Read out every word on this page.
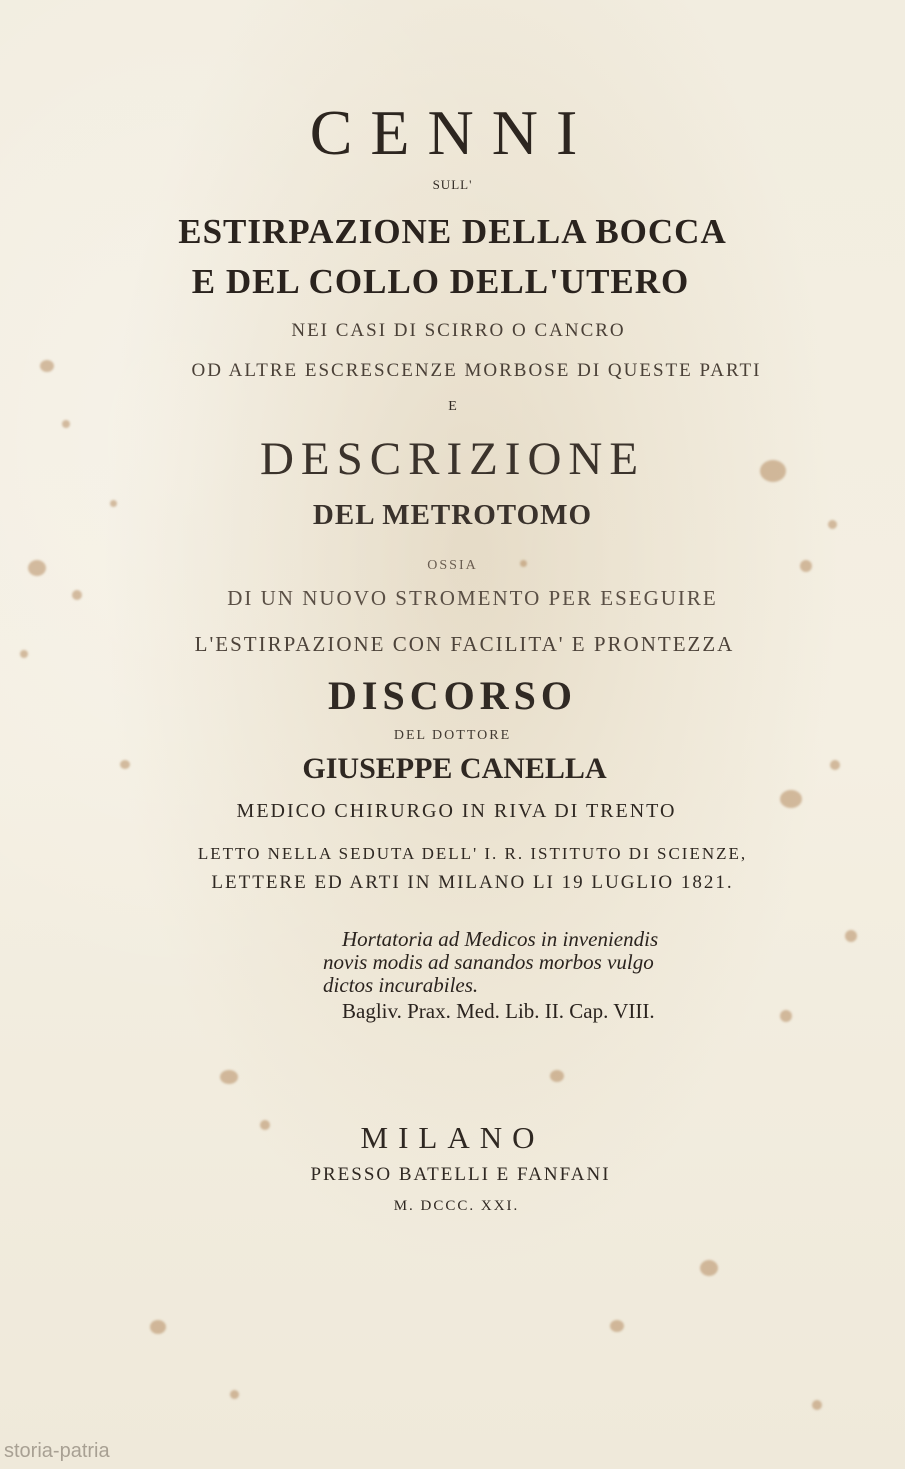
CENNI
SULL'
ESTIRPAZIONE DELLA BOCCA
E DEL COLLO DELL'UTERO
NEI CASI DI SCIRRO O CANCRO
OD ALTRE ESCRESCENZE MORBOSE DI QUESTE PARTI
E
DESCRIZIONE
DEL METROTOMO
OSSIA
DI UN NUOVO STROMENTO PER ESEGUIRE
L'ESTIRPAZIONE CON FACILITA' E PRONTEZZA
DISCORSO
DEL DOTTORE
GIUSEPPE CANELLA
MEDICO CHIRURGO IN RIVA DI TRENTO
LETTO NELLA SEDUTA DELL' I. R. ISTITUTO DI SCIENZE,
LETTERE ED ARTI IN MILANO LI 19 LUGLIO 1821.
Hortatoria ad Medicos in inveniendis
novis modis ad sanandos morbos vulgo
dictos incurabiles.
Bagliv. Prax. Med. Lib. II. Cap. VIII.
MILANO
PRESSO BATELLI E FANFANI
M. DCCC. XXI.
storia-patria
